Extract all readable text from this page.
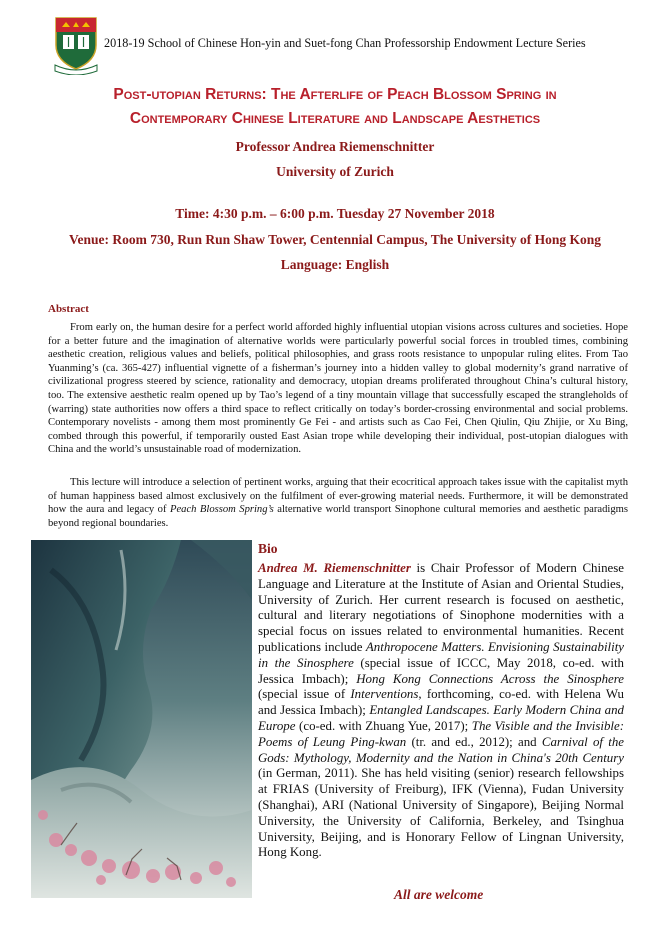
2018-19 School of Chinese Hon-yin and Suet-fong Chan Professorship Endowment Lecture Series
Post-utopian Returns: The Afterlife of Peach Blossom Spring in
Contemporary Chinese Literature and Landscape Aesthetics
Professor Andrea Riemenschnitter
University of Zurich
Time: 4:30 p.m. – 6:00 p.m. Tuesday 27 November 2018
Venue: Room 730, Run Run Shaw Tower, Centennial Campus, The University of Hong Kong
Language: English
Abstract

From early on, the human desire for a perfect world afforded highly influential utopian visions across cultures and societies. Hope for a better future and the imagination of alternative worlds were particularly powerful social forces in troubled times, combining aesthetic creation, religious values and beliefs, political philosophies, and grass roots resistance to unpopular ruling elites. From Tao Yuanming’s (ca. 365-427) influential vignette of a fisherman’s journey into a hidden valley to global modernity’s grand narrative of civilizational progress steered by science, rationality and democracy, utopian dreams proliferated throughout China’s cultural history, too. The extensive aesthetic realm opened up by Tao’s legend of a tiny mountain village that successfully escaped the strangleholds of (warring) state authorities now offers a third space to reflect critically on today’s border-crossing environmental and social problems. Contemporary novelists - among them most prominently Ge Fei - and artists such as Cao Fei, Chen Qiulin, Qiu Zhijie, or Xu Bing, combed through this powerful, if temporarily ousted East Asian trope while developing their individual, post-utopian dialogues with China and the world’s unsustainable road of modernization.

This lecture will introduce a selection of pertinent works, arguing that their ecocritical approach takes issue with the capitalist myth of human happiness based almost exclusively on the fulfilment of ever-growing material needs. Furthermore, it will be demonstrated how the aura and legacy of Peach Blossom Spring’s alternative world transport Sinophone cultural memories and aesthetic paradigms beyond regional boundaries.

Bio

Andrea M. Riemenschnitter is Chair Professor of Modern Chinese Language and Literature at the Institute of Asian and Oriental Studies, University of Zurich. Her current research is focused on aesthetic, cultural and literary negotiations of Sinophone modernities with a special focus on issues related to environmental humanities. Recent publications include Anthropocene Matters. Envisioning Sustainability in the Sinosphere (special issue of ICCC, May 2018, co-ed. with Jessica Imbach); Hong Kong Connections Across the Sinosphere (special issue of Interventions, forthcoming, co-ed. with Helena Wu and Jessica Imbach); Entangled Landscapes. Early Modern China and Europe (co-ed. with Zhuang Yue, 2017); The Visible and the Invisible: Poems of Leung Ping-kwan (tr. and ed., 2012); and Carnival of the Gods: Mythology, Modernity and the Nation in China's 20th Century (in German, 2011). She has held visiting (senior) research fellowships at FRIAS (University of Freiburg), IFK (Vienna), Fudan University (Shanghai), ARI (National University of Singapore), Beijing Normal University, the University of California, Berkeley, and Tsinghua University, Beijing, and is Honorary Fellow of Lingnan University, Hong Kong.

All are welcome
